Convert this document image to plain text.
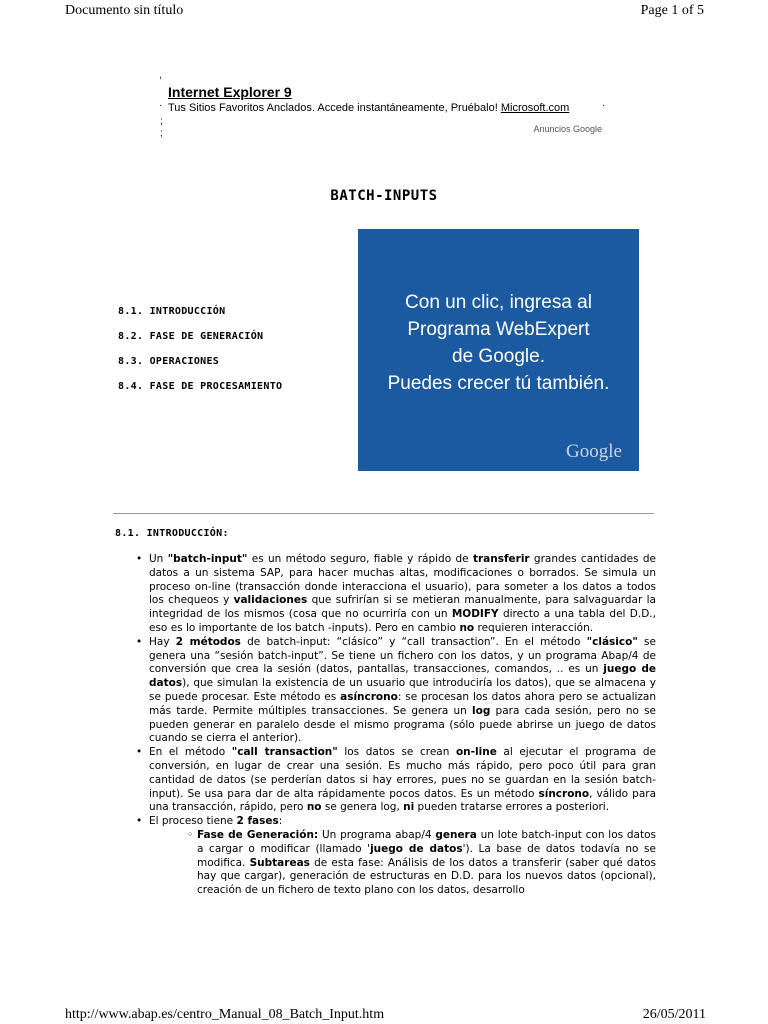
Documento sin título	Page 1 of 5
,
Internet Explorer 9
· Tus Sitios Favoritos Anclados. Accede instantáneamente, Pruébalo! Microsoft.com	·
;
;	Anuncios Google
BATCH-INPUTS
8.1. INTRODUCCIÓN
8.2. FASE DE GENERACIÓN
8.3. OPERACIONES
8.4. FASE DE PROCESAMIENTO
Con un clic, ingresa al
Programa WebExpert
de Google.
Puedes crecer tú también.
Google
8.1. INTRODUCCIÓN:
• Un "batch-input" es un método seguro, fiable y rápido de transferir grandes cantidades de datos a un sistema SAP, para hacer muchas altas, modificaciones o borrados. Se simula un proceso on-line (transacción donde interacciona el usuario), para someter a los datos a todos los chequeos y validaciones que sufrirían si se metieran manualmente, para salvaguardar la integridad de los mismos (cosa que no ocurriría con un MODIFY directo a una tabla del D.D., eso es lo importante de los batch -inputs). Pero en cambio no requieren interacción.
• Hay 2 métodos de batch-input: “clásico” y “call transaction”. En el método "clásico" se genera una “sesión batch-input”. Se tiene un fichero con los datos, y un programa Abap/4 de conversión que crea la sesión (datos, pantallas, transacciones, comandos, .. es un juego de datos), que simulan la existencia de un usuario que introduciría los datos), que se almacena y se puede procesar. Este método es asíncrono: se procesan los datos ahora pero se actualizan más tarde. Permite múltiples transacciones. Se genera un log para cada sesión, pero no se pueden generar en paralelo desde el mismo programa (sólo puede abrirse un juego de datos cuando se cierra el anterior).
• En el método "call transaction" los datos se crean on-line al ejecutar el programa de conversión, en lugar de crear una sesión. Es mucho más rápido, pero poco útil para gran cantidad de datos (se perderían datos si hay errores, pues no se guardan en la sesión batch-input). Se usa para dar de alta rápidamente pocos datos. Es un método síncrono, válido para una transacción, rápido, pero no se genera log, ni pueden tratarse errores a posteriori.
• El proceso tiene 2 fases:
◦ Fase de Generación: Un programa abap/4 genera un lote batch-input con los datos a cargar o modificar (llamado 'juego de datos'). La base de datos todavía no se modifica. Subtareas de esta fase: Análisis de los datos a transferir (saber qué datos hay que cargar), generación de estructuras en D.D. para los nuevos datos (opcional), creación de un fichero de texto plano con los datos, desarrollo
http://www.abap.es/centro_Manual_08_Batch_Input.htm	26/05/2011
